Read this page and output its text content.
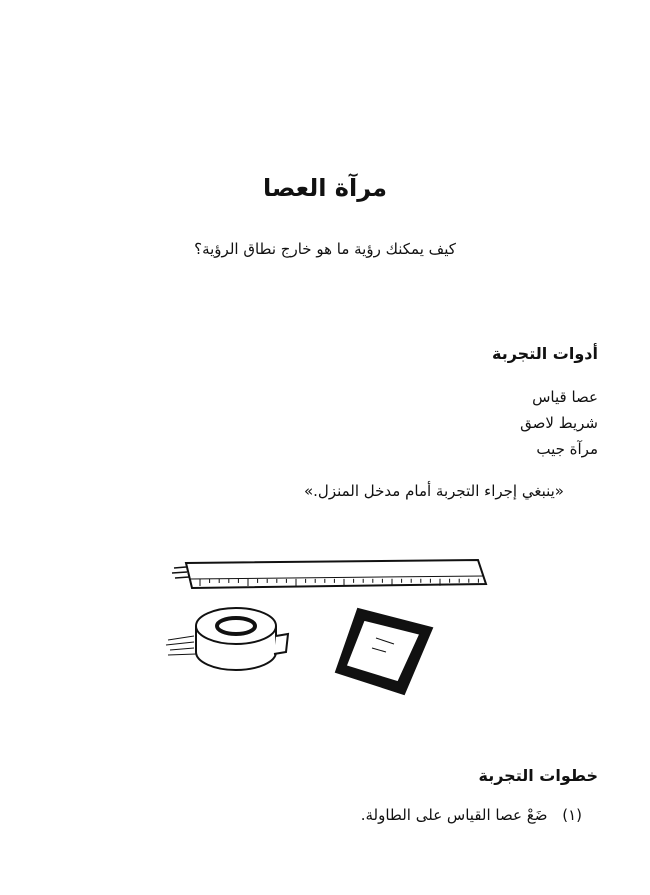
مرآة العصا
كيف يمكنك رؤية ما هو خارج نطاق الرؤية؟
أدوات التجربة
عصا قياس
شريط لاصق
مرآة جيب
«ينبغي إجراء التجربة أمام مدخل المنزل.»
خطوات التجربة
(١) ضَعْ عصا القياس على الطاولة.
